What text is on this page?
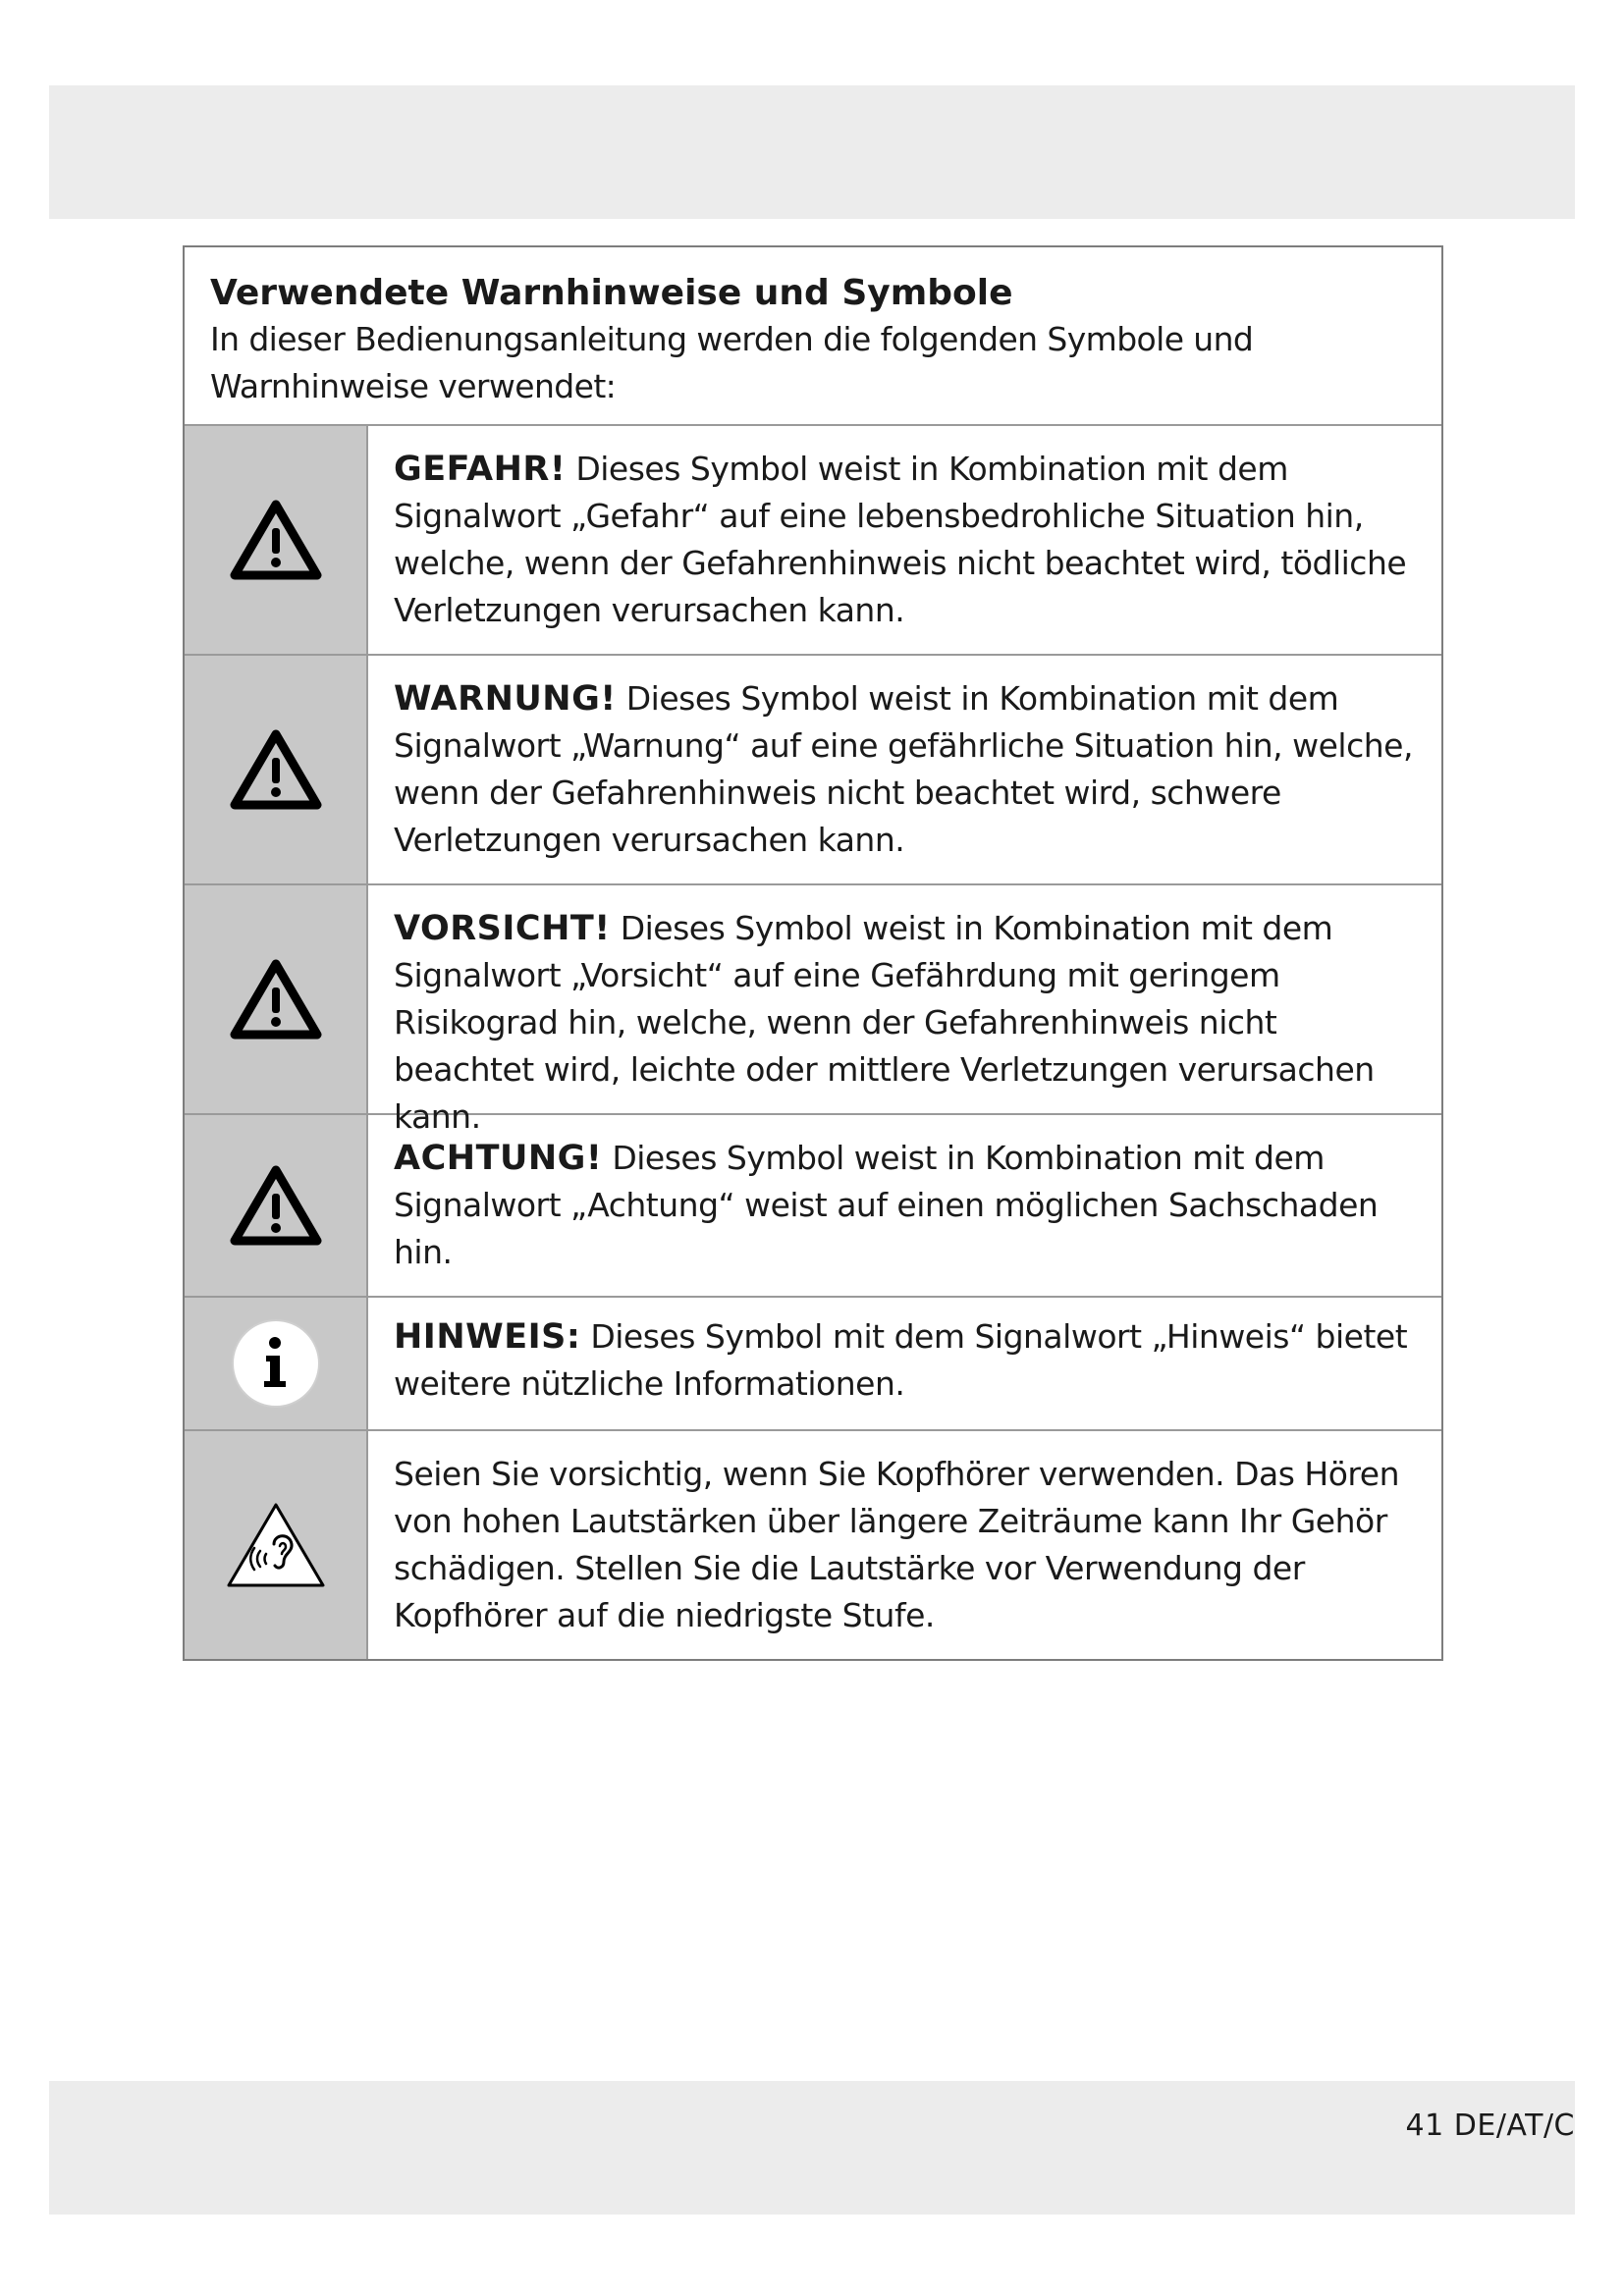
Verwendete Warnhinweise und Symbole

In dieser Bedienungsanleitung werden die folgenden Symbole und Warnhinweise verwendet:

GEFAHR! Dieses Symbol weist in Kombination mit dem Signalwort „Gefahr“ auf eine lebensbedrohliche Situation hin, welche, wenn der Gefahrenhinweis nicht beachtet wird, tödliche Verletzungen verursachen kann.
WARNUNG! Dieses Symbol weist in Kombination mit dem Signalwort „Warnung“ auf eine gefährliche Situation hin, welche, wenn der Gefahrenhinweis nicht beachtet wird, schwere Verletzungen verursachen kann.
VORSICHT! Dieses Symbol weist in Kombination mit dem Signalwort „Vorsicht“ auf eine Gefährdung mit geringem Risikograd hin, welche, wenn der Gefahrenhinweis nicht beachtet wird, leichte oder mittlere Verletzungen verursachen kann.
ACHTUNG! Dieses Symbol weist in Kombination mit dem Signalwort „Achtung“ weist auf einen möglichen Sachschaden hin.
HINWEIS: Dieses Symbol mit dem Signalwort „Hinweis“ bietet weitere nützliche Informationen.
Seien Sie vorsichtig, wenn Sie Kopfhörer verwenden. Das Hören von hohen Lautstärken über längere Zeiträume kann Ihr Gehör schädigen. Stellen Sie die Lautstärke vor Verwendung der Kopfhörer auf die niedrigste Stufe.
41 DE/AT/C
